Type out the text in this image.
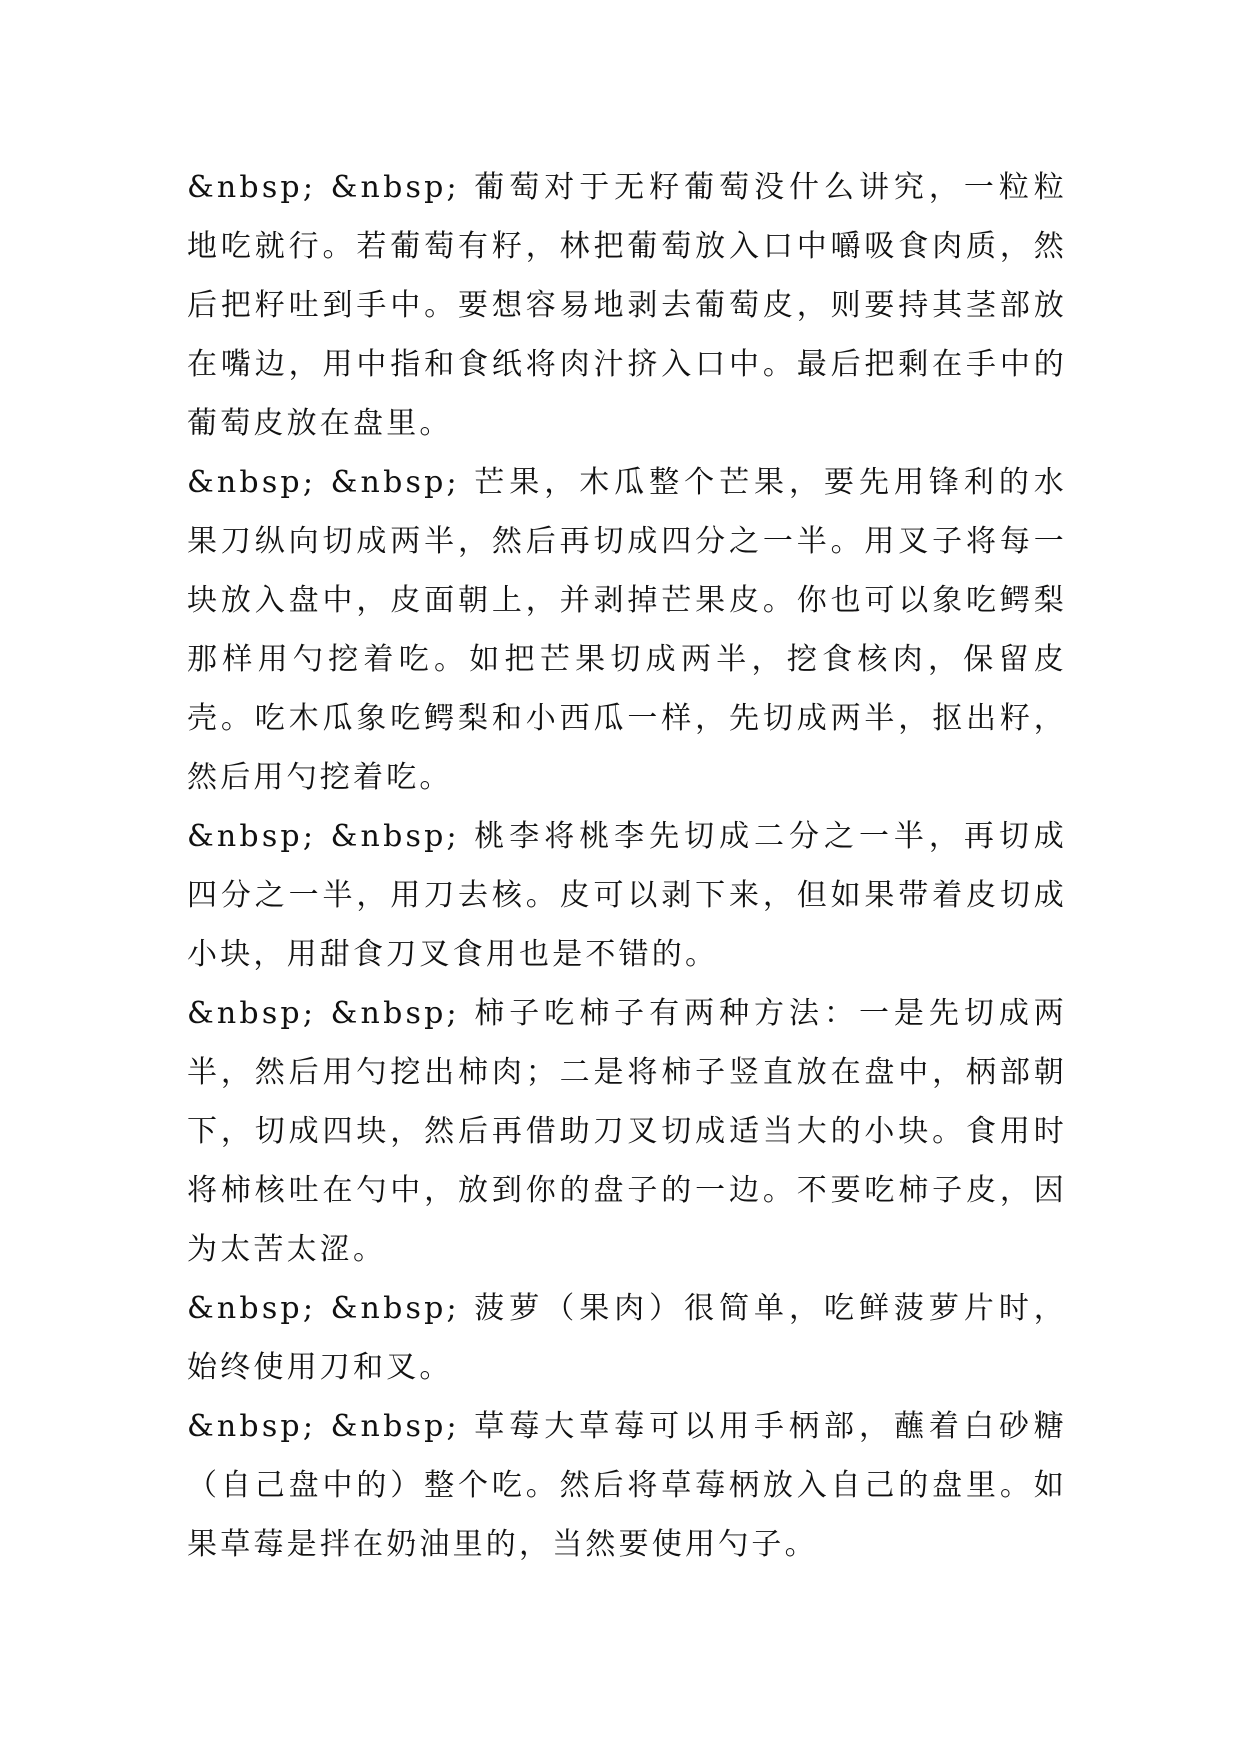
&nbsp; &nbsp; 葡萄对于无籽葡萄没什么讲究，一粒粒地吃就行。若葡萄有籽，林把葡萄放入口中嚼吸食肉质，然后把籽吐到手中。要想容易地剥去葡萄皮，则要持其茎部放在嘴边，用中指和食纸将肉汁挤入口中。最后把剩在手中的葡萄皮放在盘里。

&nbsp; &nbsp; 芒果，木瓜整个芒果，要先用锋利的水果刀纵向切成两半，然后再切成四分之一半。用叉子将每一块放入盘中，皮面朝上，并剥掉芒果皮。你也可以象吃鳄梨那样用勺挖着吃。如把芒果切成两半，挖食核肉，保留皮壳。吃木瓜象吃鳄梨和小西瓜一样，先切成两半，抠出籽，然后用勺挖着吃。

&nbsp; &nbsp; 桃李将桃李先切成二分之一半，再切成四分之一半，用刀去核。皮可以剥下来，但如果带着皮切成小块，用甜食刀叉食用也是不错的。

&nbsp; &nbsp; 柿子吃柿子有两种方法：一是先切成两半，然后用勺挖出柿肉；二是将柿子竖直放在盘中，柄部朝下，切成四块，然后再借助刀叉切成适当大的小块。食用时将柿核吐在勺中，放到你的盘子的一边。不要吃柿子皮，因为太苦太涩。

&nbsp; &nbsp; 菠萝（果肉）很简单，吃鲜菠萝片时，始终使用刀和叉。

&nbsp; &nbsp; 草莓大草莓可以用手柄部，蘸着白砂糖（自己盘中的）整个吃。然后将草莓柄放入自己的盘里。如果草莓是拌在奶油里的，当然要使用勺子。
